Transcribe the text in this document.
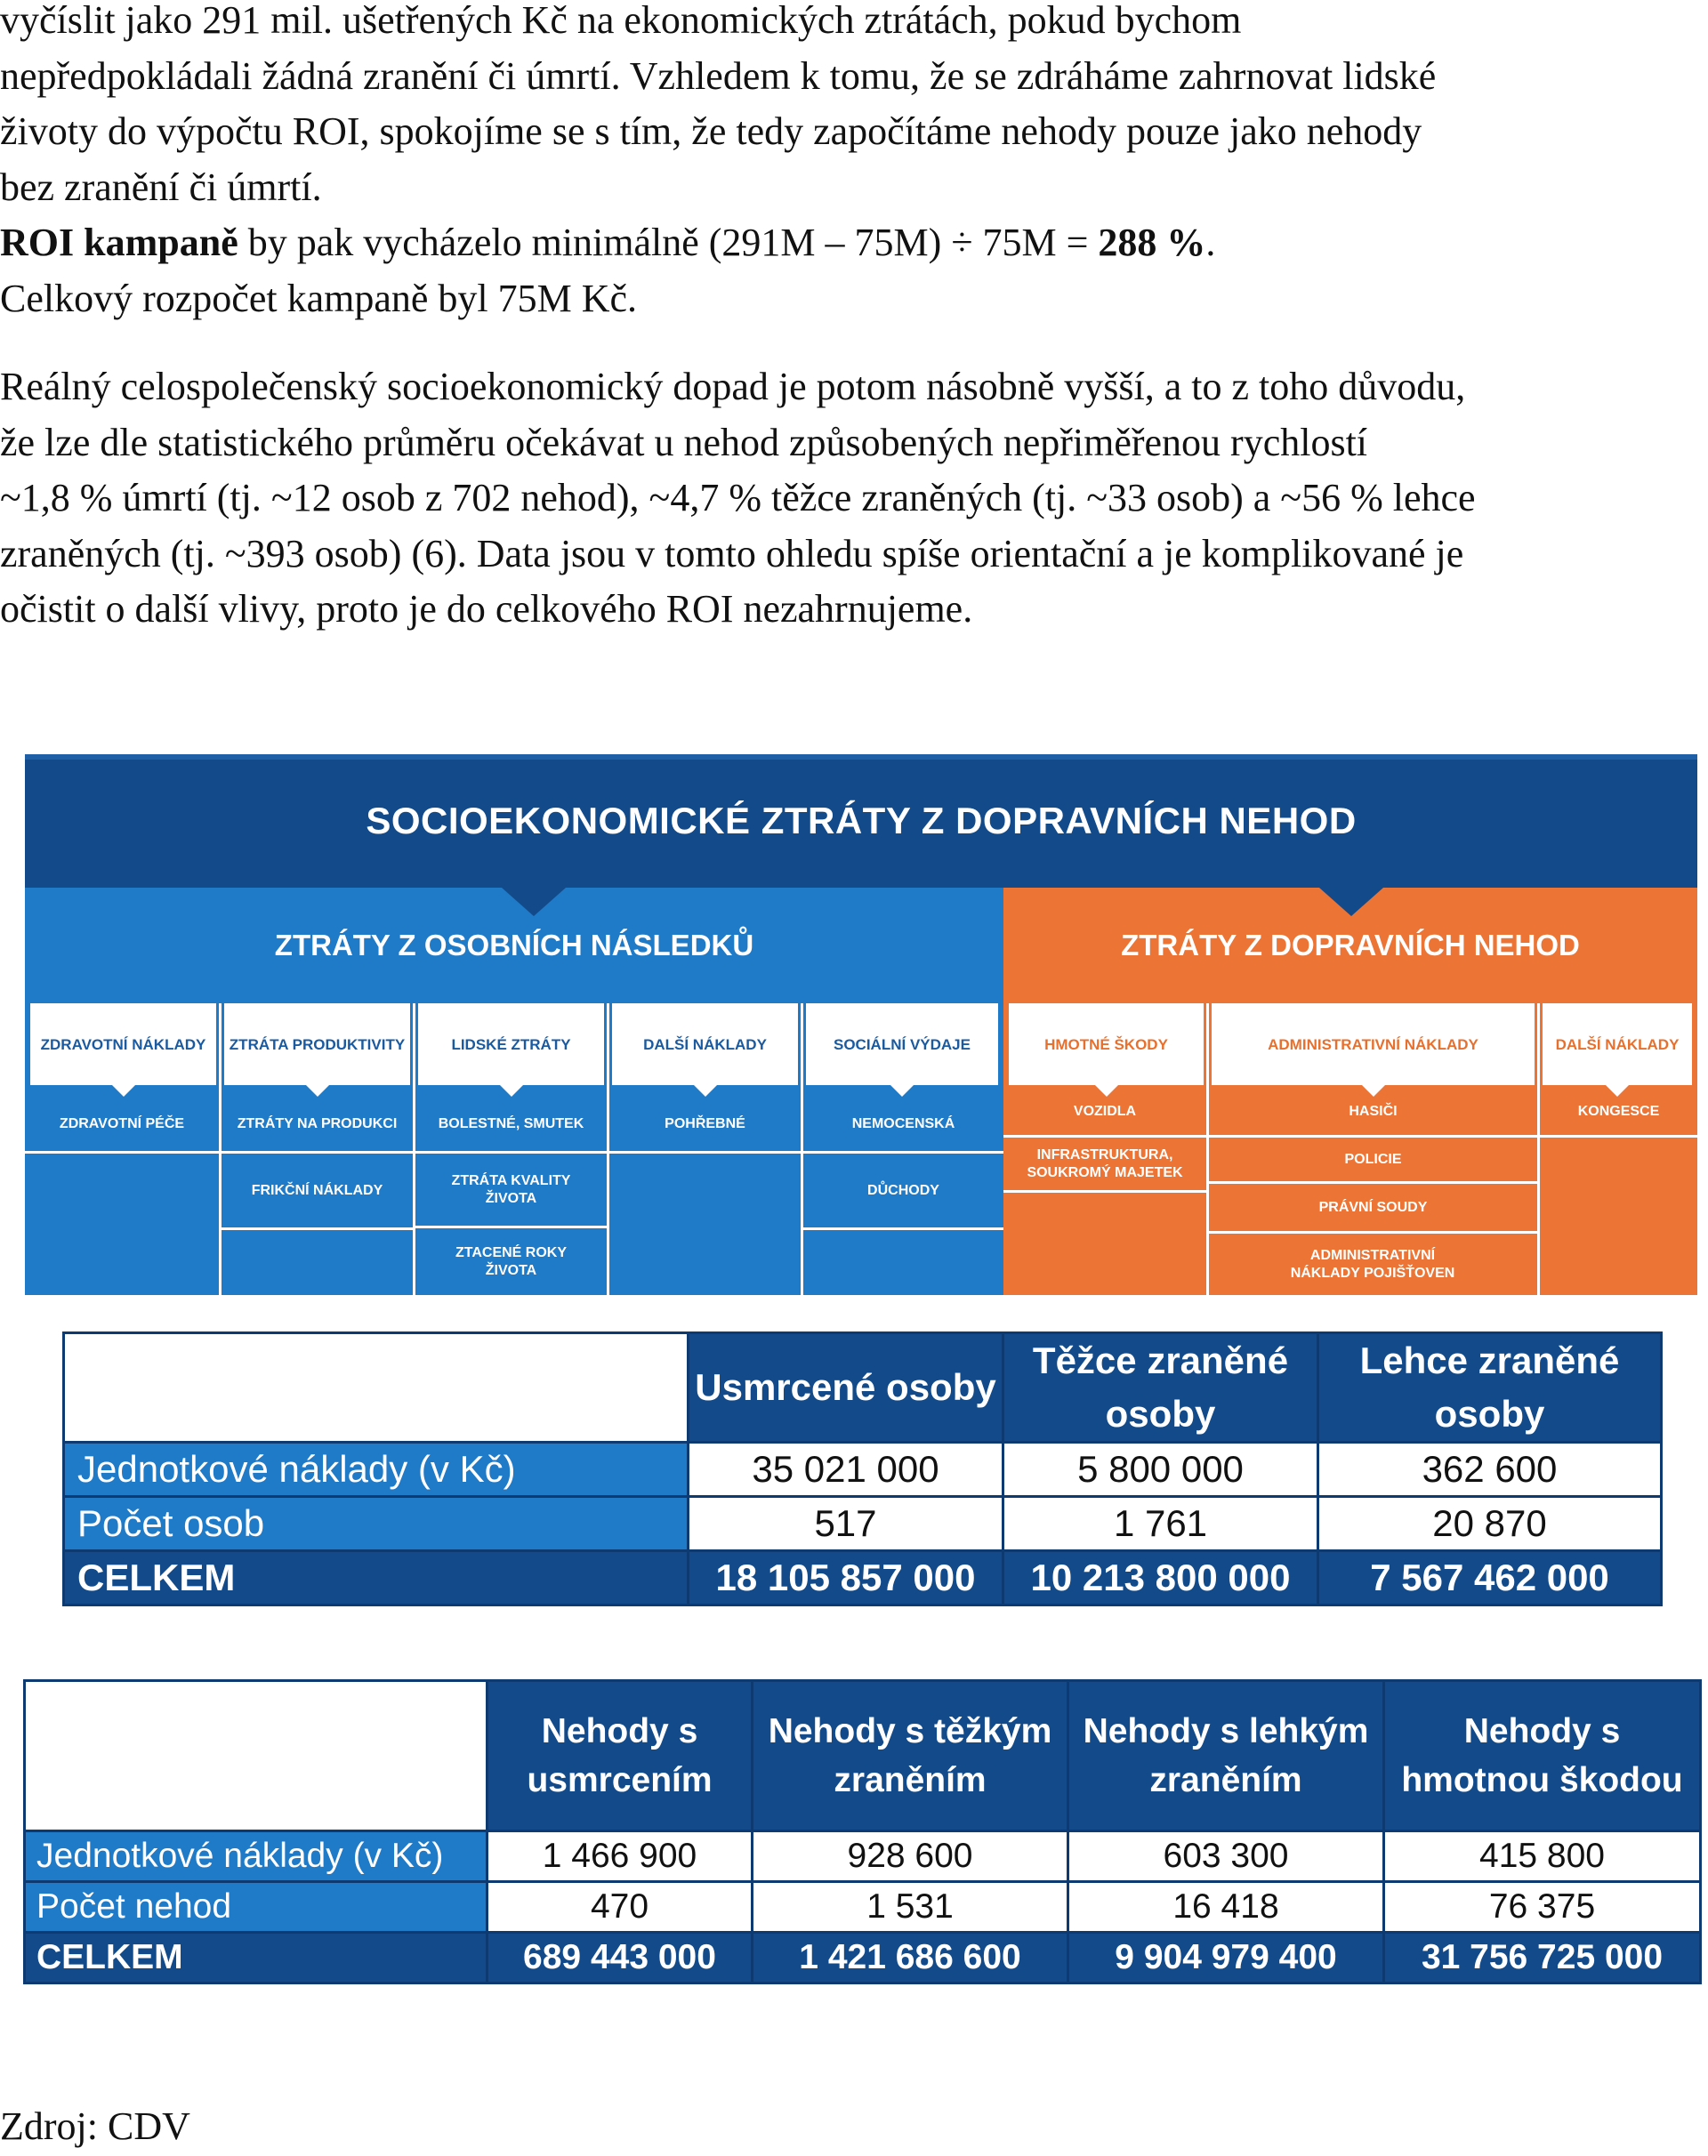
vyčíslit jako 291 mil. ušetřených Kč na ekonomických ztrátách, pokud bychom
nepředpokládali žádná zranění či úmrtí. Vzhledem k tomu, že se zdráháme zahrnovat lidské
životy do výpočtu ROI, spokojíme se s tím, že tedy započítáme nehody pouze jako nehody
bez zranění či úmrtí.
ROI kampaně by pak vycházelo minimálně (291M – 75M) ÷ 75M = 288 %.
Celkový rozpočet kampaně byl 75M Kč.
Reálný celospolečenský socioekonomický dopad je potom násobně vyšší, a to z toho důvodu,
že lze dle statistického průměru očekávat u nehod způsobených nepřiměřenou rychlostí
~1,8 % úmrtí (tj. ~12 osob z 702 nehod), ~4,7 % těžce zraněných (tj. ~33 osob) a ~56 % lehce
zraněných (tj. ~393 osob) (6). Data jsou v tomto ohledu spíše orientační a je komplikované je
očistit o další vlivy, proto je do celkového ROI nezahrnujeme.
SOCIOEKONOMICKÉ ZTRÁTY Z DOPRAVNÍCH NEHOD
ZTRÁTY Z OSOBNÍCH NÁSLEDKŮ	ZTRÁTY Z DOPRAVNÍCH NEHOD
ZDRAVOTNÍ NÁKLADY	ZTRÁTA PRODUKTIVITY	LIDSKÉ ZTRÁTY	DALŠÍ NÁKLADY	SOCIÁLNÍ VÝDAJE	HMOTNÉ ŠKODY	ADMINISTRATIVNÍ NÁKLADY	DALŠÍ NÁKLADY
ZDRAVOTNÍ PÉČE	ZTRÁTY NA PRODUKCI
FRIKČNÍ NÁKLADY
BOLESTNÉ, SMUTEK
ZTRÁTA KVALITY ŽIVOTA
ZTACENÉ ROKY ŽIVOTA
POHŘEBNÉ	NEMOCENSKÁ
DŮCHODY
VOZIDLA
INFRASTRUKTURA, SOUKROMÝ MAJETEK
HASIČI
POLICIE
PRÁVNÍ SOUDY
ADMINISTRATIVNÍ NÁKLADY POJIŠŤOVEN
KONGESCE
	Usmrcené osoby	Těžce zraněné osoby	Lehce zraněné osoby
Jednotkové náklady (v Kč)	35 021 000	5 800 000	362 600
Počet osob	517	1 761	20 870
CELKEM	18 105 857 000	10 213 800 000	7 567 462 000
	Nehody s usmrcením	Nehody s těžkým zraněním	Nehody s lehkým zraněním	Nehody s hmotnou škodou
Jednotkové náklady (v Kč)	1 466 900	928 600	603 300	415 800
Počet nehod	470	1 531	16 418	76 375
CELKEM	689 443 000	1 421 686 600	9 904 979 400	31 756 725 000
Zdroj: CDV
